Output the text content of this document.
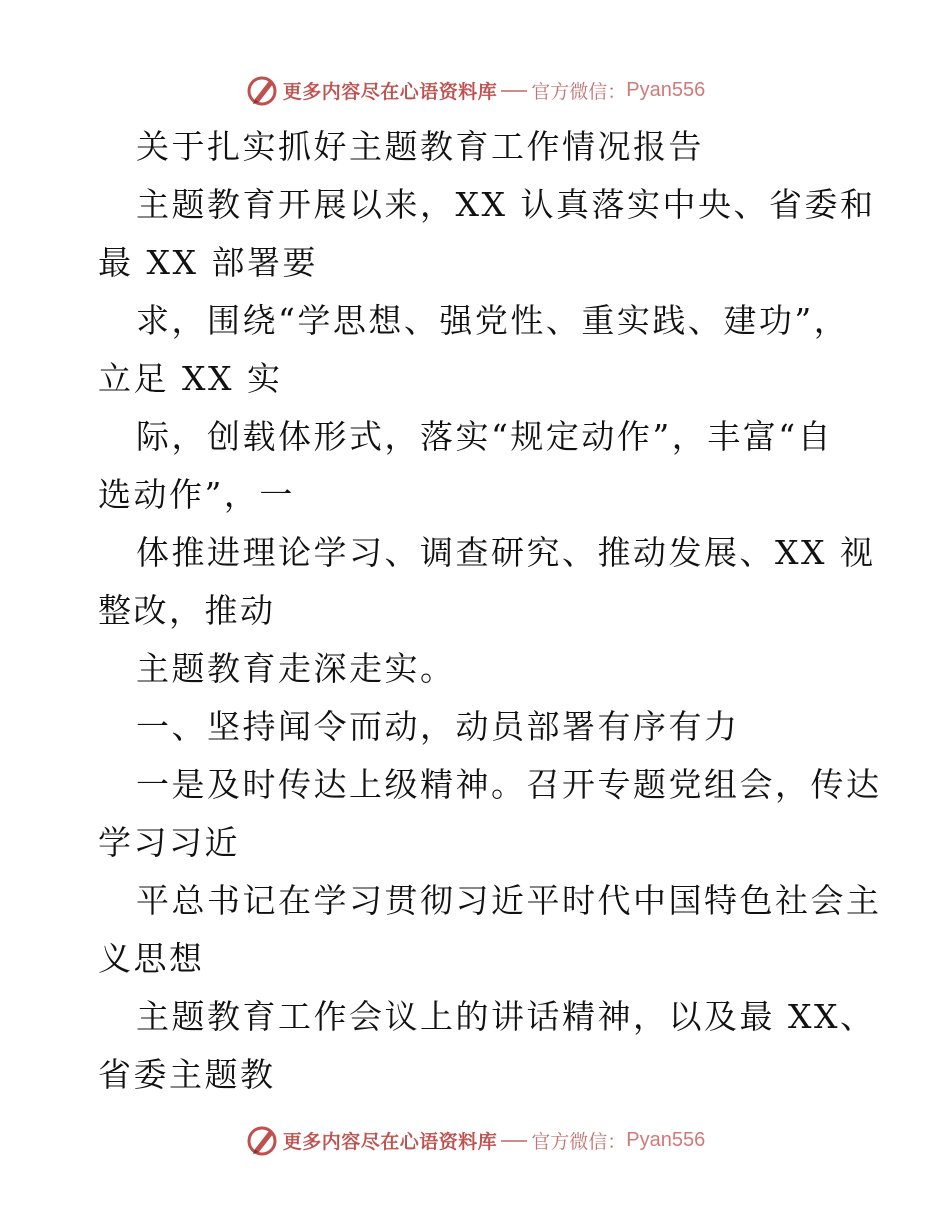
更多内容尽在心语资料库 官方微信： Pyan556
关于扎实抓好主题教育工作情况报告
主题教育开展以来，XX 认真落实中央、省委和
最 XX 部署要
求，围绕“学思想、强党性、重实践、建功”，
立足 XX 实
际，创载体形式，落实“规定动作”，丰富“自
选动作”，一
体推进理论学习、调查研究、推动发展、XX 视
整改，推动
主题教育走深走实。
一、坚持闻令而动，动员部署有序有力
一是及时传达上级精神。召开专题党组会，传达
学习习近
平总书记在学习贯彻习近平时代中国特色社会主
义思想
主题教育工作会议上的讲话精神，以及最 XX、
省委主题教
更多内容尽在心语资料库 官方微信： Pyan556
